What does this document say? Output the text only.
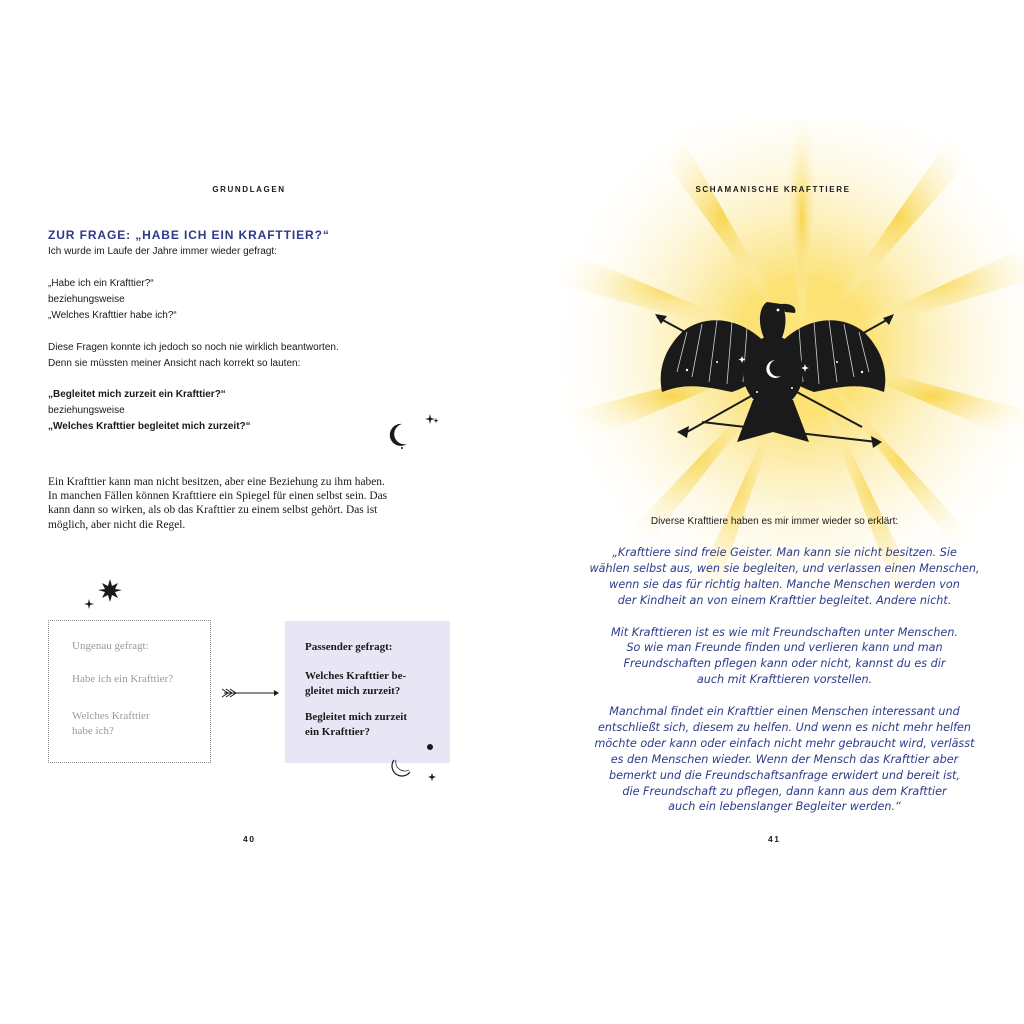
GRUNDLAGEN
ZUR FRAGE: „HABE ICH EIN KRAFTTIER?“

Ich wurde im Laufe der Jahre immer wieder gefragt:

„Habe ich ein Krafttier?“

beziehungsweise

„Welches Krafttier habe ich?“

Diese Fragen konnte ich jedoch so noch nie wirklich beantworten.

Denn sie müssten meiner Ansicht nach korrekt so lauten:

„Begleitet mich zurzeit ein Krafttier?“

beziehungsweise

„Welches Krafttier begleitet mich zurzeit?“

Ein Krafttier kann man nicht besitzen, aber eine Beziehung zu ihm haben.
In manchen Fällen können Krafttiere ein Spiegel für einen selbst sein. Das
kann dann so wirken, als ob das Krafttier zu einem selbst gehört. Das ist
möglich, aber nicht die Regel.

Ungenau gefragt:

Habe ich ein Krafttier?

Welches Krafttier

habe ich?

Passender gefragt:

Welches Krafttier be-

gleitet mich zurzeit?

Begleitet mich zurzeit

ein Krafttier?

40
SCHAMANISCHE KRAFTTIERE
Diverse Krafttiere haben es mir immer wieder so erklärt:

„Krafttiere sind freie Geister. Man kann sie nicht besitzen. Sie
wählen selbst aus, wen sie begleiten, und verlassen einen Menschen,
wenn sie das für richtig halten. Manche Menschen werden von
der Kindheit an von einem Krafttier begleitet. Andere nicht.

Mit Krafttieren ist es wie mit Freundschaften unter Menschen.
So wie man Freunde finden und verlieren kann und man
Freundschaften pflegen kann oder nicht, kannst du es dir
auch mit Krafttieren vorstellen.

Manchmal findet ein Krafttier einen Menschen interessant und
entschließt sich, diesem zu helfen. Und wenn es nicht mehr helfen
möchte oder kann oder einfach nicht mehr gebraucht wird, verlässt
es den Menschen wieder. Wenn der Mensch das Krafttier aber
bemerkt und die Freundschaftsanfrage erwidert und bereit ist,
die Freundschaft zu pflegen, dann kann aus dem Krafttier
auch ein lebenslanger Begleiter werden.“

41
